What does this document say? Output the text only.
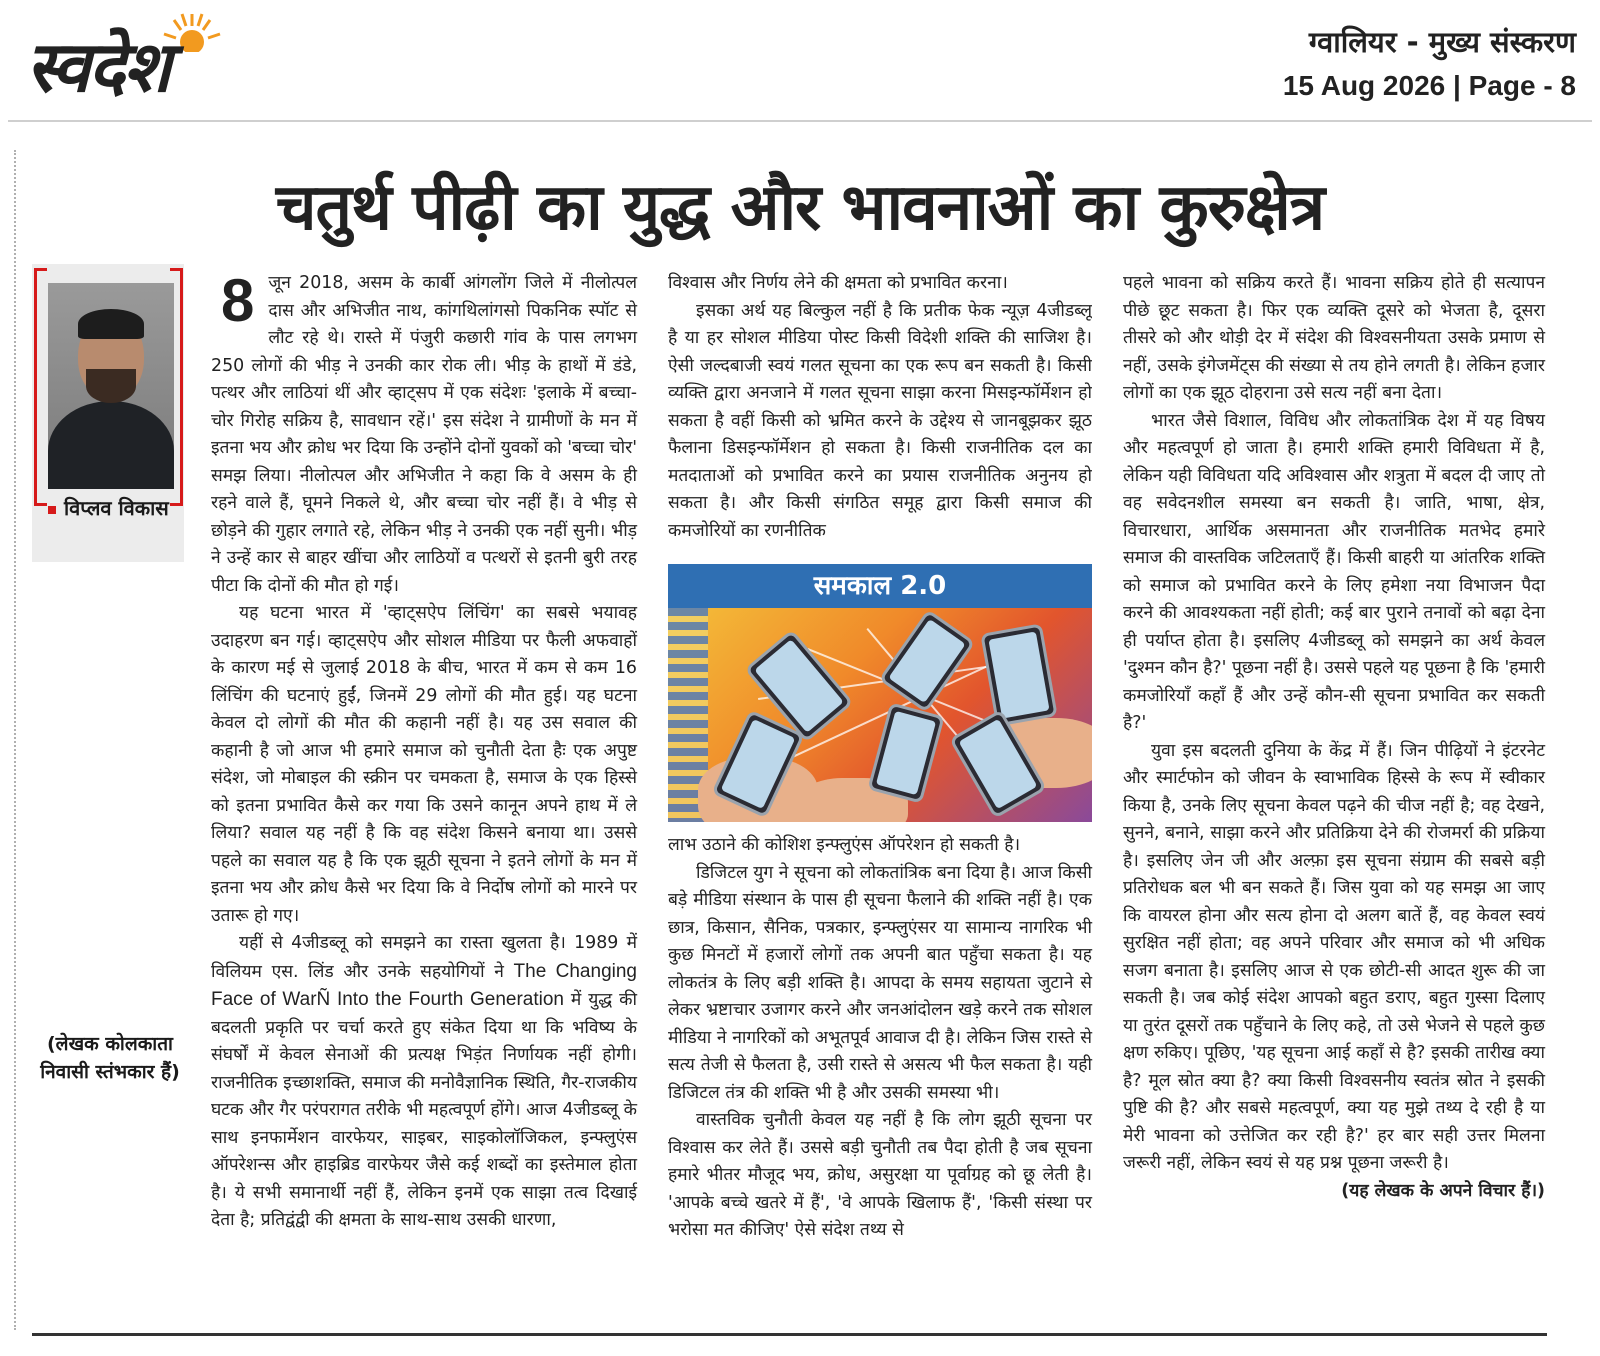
स्वदेश	ग्वालियर - मुख्य संस्करण
15 Aug 2026 | Page - 8
चतुर्थ पीढ़ी का युद्ध और भावनाओं का कुरुक्षेत्र
विप्लव विकास
(लेखक कोलकाता निवासी स्तंभकार हैं)

8 जून 2018, असम के कार्बी आंगलोंग जिले में नीलोत्पल दास और अभिजीत नाथ, कांगथिलांगसो पिकनिक स्पॉट से लौट रहे थे। रास्ते में पंजुरी कछारी गांव के पास लगभग 250 लोगों की भीड़ ने उनकी कार रोक ली। भीड़ के हाथों में डंडे, पत्थर और लाठियां थीं और व्हाट्सप में एक संदेशः 'इलाके में बच्चा-चोर गिरोह सक्रिय है, सावधान रहें।' इस संदेश ने ग्रामीणों के मन में इतना भय और क्रोध भर दिया कि उन्होंने दोनों युवकों को 'बच्चा चोर' समझ लिया। नीलोत्पल और अभिजीत ने कहा कि वे असम के ही रहने वाले हैं, घूमने निकले थे, और बच्चा चोर नहीं हैं। वे भीड़ से छोड़ने की गुहार लगाते रहे, लेकिन भीड़ ने उनकी एक नहीं सुनी। भीड़ ने उन्हें कार से बाहर खींचा और लाठियों व पत्थरों से इतनी बुरी तरह पीटा कि दोनों की मौत हो गई।

यह घटना भारत में 'व्हाट्सऐप लिंचिंग' का सबसे भयावह उदाहरण बन गई। व्हाट्सऐप और सोशल मीडिया पर फैली अफवाहों के कारण मई से जुलाई 2018 के बीच, भारत में कम से कम 16 लिंचिंग की घटनाएं हुईं, जिनमें 29 लोगों की मौत हुई। यह घटना केवल दो लोगों की मौत की कहानी नहीं है। यह उस सवाल की कहानी है जो आज भी हमारे समाज को चुनौती देता हैः एक अपुष्ट संदेश, जो मोबाइल की स्क्रीन पर चमकता है, समाज के एक हिस्से को इतना प्रभावित कैसे कर गया कि उसने कानून अपने हाथ में ले लिया? सवाल यह नहीं है कि वह संदेश किसने बनाया था। उससे पहले का सवाल यह है कि एक झूठी सूचना ने इतने लोगों के मन में इतना भय और क्रोध कैसे भर दिया कि वे निर्दोष लोगों को मारने पर उतारू हो गए।

यहीं से 4जीडब्लू को समझने का रास्ता खुलता है। 1989 में विलियम एस. लिंड और उनके सहयोगियों ने The Changing Face of WarÑ Into the Fourth Generation में युद्ध की बदलती प्रकृति पर चर्चा करते हुए संकेत दिया था कि भविष्य के संघर्षों में केवल सेनाओं की प्रत्यक्ष भिड़ंत निर्णायक नहीं होगी। राजनीतिक इच्छाशक्ति, समाज की मनोवैज्ञानिक स्थिति, गैर-राजकीय घटक और गैर परंपरागत तरीके भी महत्वपूर्ण होंगे। आज 4जीडब्लू के साथ इनफार्मेशन वारफेयर, साइबर, साइकोलॉजिकल, इन्फ्लुएंस ऑपरेशन्स और हाइब्रिड वारफेयर जैसे कई शब्दों का इस्तेमाल होता है। ये सभी समानार्थी नहीं हैं, लेकिन इनमें एक साझा तत्व दिखाई देता है; प्रतिद्वंद्वी की क्षमता के साथ-साथ उसकी धारणा,

विश्वास और निर्णय लेने की क्षमता को प्रभावित करना।

इसका अर्थ यह बिल्कुल नहीं है कि प्रतीक फेक न्यूज़ 4जीडब्लू है या हर सोशल मीडिया पोस्ट किसी विदेशी शक्ति की साजिश है। ऐसी जल्दबाजी स्वयं गलत सूचना का एक रूप बन सकती है। किसी व्यक्ति द्वारा अनजाने में गलत सूचना साझा करना मिसइन्फॉर्मेशन हो सकता है वहीं किसी को भ्रमित करने के उद्देश्य से जानबूझकर झूठ फैलाना डिसइन्फॉर्मेशन हो सकता है। किसी राजनीतिक दल का मतदाताओं को प्रभावित करने का प्रयास राजनीतिक अनुनय हो सकता है। और किसी संगठित समूह द्वारा किसी समाज की कमजोरियों का रणनीतिक

समकाल 2.0

लाभ उठाने की कोशिश इन्फ्लुएंस ऑपरेशन हो सकती है।

डिजिटल युग ने सूचना को लोकतांत्रिक बना दिया है। आज किसी बड़े मीडिया संस्थान के पास ही सूचना फैलाने की शक्ति नहीं है। एक छात्र, किसान, सैनिक, पत्रकार, इन्फ्लुएंसर या सामान्य नागरिक भी कुछ मिनटों में हजारों लोगों तक अपनी बात पहुँचा सकता है। यह लोकतंत्र के लिए बड़ी शक्ति है। आपदा के समय सहायता जुटाने से लेकर भ्रष्टाचार उजागर करने और जनआंदोलन खड़े करने तक सोशल मीडिया ने नागरिकों को अभूतपूर्व आवाज दी है। लेकिन जिस रास्ते से सत्य तेजी से फैलता है, उसी रास्ते से असत्य भी फैल सकता है। यही डिजिटल तंत्र की शक्ति भी है और उसकी समस्या भी।

वास्तविक चुनौती केवल यह नहीं है कि लोग झूठी सूचना पर विश्वास कर लेते हैं। उससे बड़ी चुनौती तब पैदा होती है जब सूचना हमारे भीतर मौजूद भय, क्रोध, असुरक्षा या पूर्वाग्रह को छू लेती है। 'आपके बच्चे खतरे में हैं', 'वे आपके खिलाफ हैं', 'किसी संस्था पर भरोसा मत कीजिए' ऐसे संदेश तथ्य से

पहले भावना को सक्रिय करते हैं। भावना सक्रिय होते ही सत्यापन पीछे छूट सकता है। फिर एक व्यक्ति दूसरे को भेजता है, दूसरा तीसरे को और थोड़ी देर में संदेश की विश्वसनीयता उसके प्रमाण से नहीं, उसके इंगेजमेंट्स की संख्या से तय होने लगती है। लेकिन हजार लोगों का एक झूठ दोहराना उसे सत्य नहीं बना देता।

भारत जैसे विशाल, विविध और लोकतांत्रिक देश में यह विषय और महत्वपूर्ण हो जाता है। हमारी शक्ति हमारी विविधता में है, लेकिन यही विविधता यदि अविश्वास और शत्रुता में बदल दी जाए तो वह सवेदनशील समस्या बन सकती है। जाति, भाषा, क्षेत्र, विचारधारा, आर्थिक असमानता और राजनीतिक मतभेद हमारे समाज की वास्तविक जटिलताएँ हैं। किसी बाहरी या आंतरिक शक्ति को समाज को प्रभावित करने के लिए हमेशा नया विभाजन पैदा करने की आवश्यकता नहीं होती; कई बार पुराने तनावों को बढ़ा देना ही पर्याप्त होता है। इसलिए 4जीडब्लू को समझने का अर्थ केवल 'दुश्मन कौन है?' पूछना नहीं है। उससे पहले यह पूछना है कि 'हमारी कमजोरियाँ कहाँ हैं और उन्हें कौन-सी सूचना प्रभावित कर सकती है?'

युवा इस बदलती दुनिया के केंद्र में हैं। जिन पीढ़ियों ने इंटरनेट और स्मार्टफोन को जीवन के स्वाभाविक हिस्से के रूप में स्वीकार किया है, उनके लिए सूचना केवल पढ़ने की चीज नहीं है; वह देखने, सुनने, बनाने, साझा करने और प्रतिक्रिया देने की रोजमर्रा की प्रक्रिया है। इसलिए जेन जी और अल्फ़ा इस सूचना संग्राम की सबसे बड़ी प्रतिरोधक बल भी बन सकते हैं। जिस युवा को यह समझ आ जाए कि वायरल होना और सत्य होना दो अलग बातें हैं, वह केवल स्वयं सुरक्षित नहीं होता; वह अपने परिवार और समाज को भी अधिक सजग बनाता है। इसलिए आज से एक छोटी-सी आदत शुरू की जा सकती है। जब कोई संदेश आपको बहुत डराए, बहुत गुस्सा दिलाए या तुरंत दूसरों तक पहुँचाने के लिए कहे, तो उसे भेजने से पहले कुछ क्षण रुकिए। पूछिए, 'यह सूचना आई कहाँ से है? इसकी तारीख क्या है? मूल स्रोत क्या है? क्या किसी विश्वसनीय स्वतंत्र स्रोत ने इसकी पुष्टि की है? और सबसे महत्वपूर्ण, क्या यह मुझे तथ्य दे रही है या मेरी भावना को उत्तेजित कर रही है?' हर बार सही उत्तर मिलना जरूरी नहीं, लेकिन स्वयं से यह प्रश्न पूछना जरूरी है।

(यह लेखक के अपने विचार हैं।)
